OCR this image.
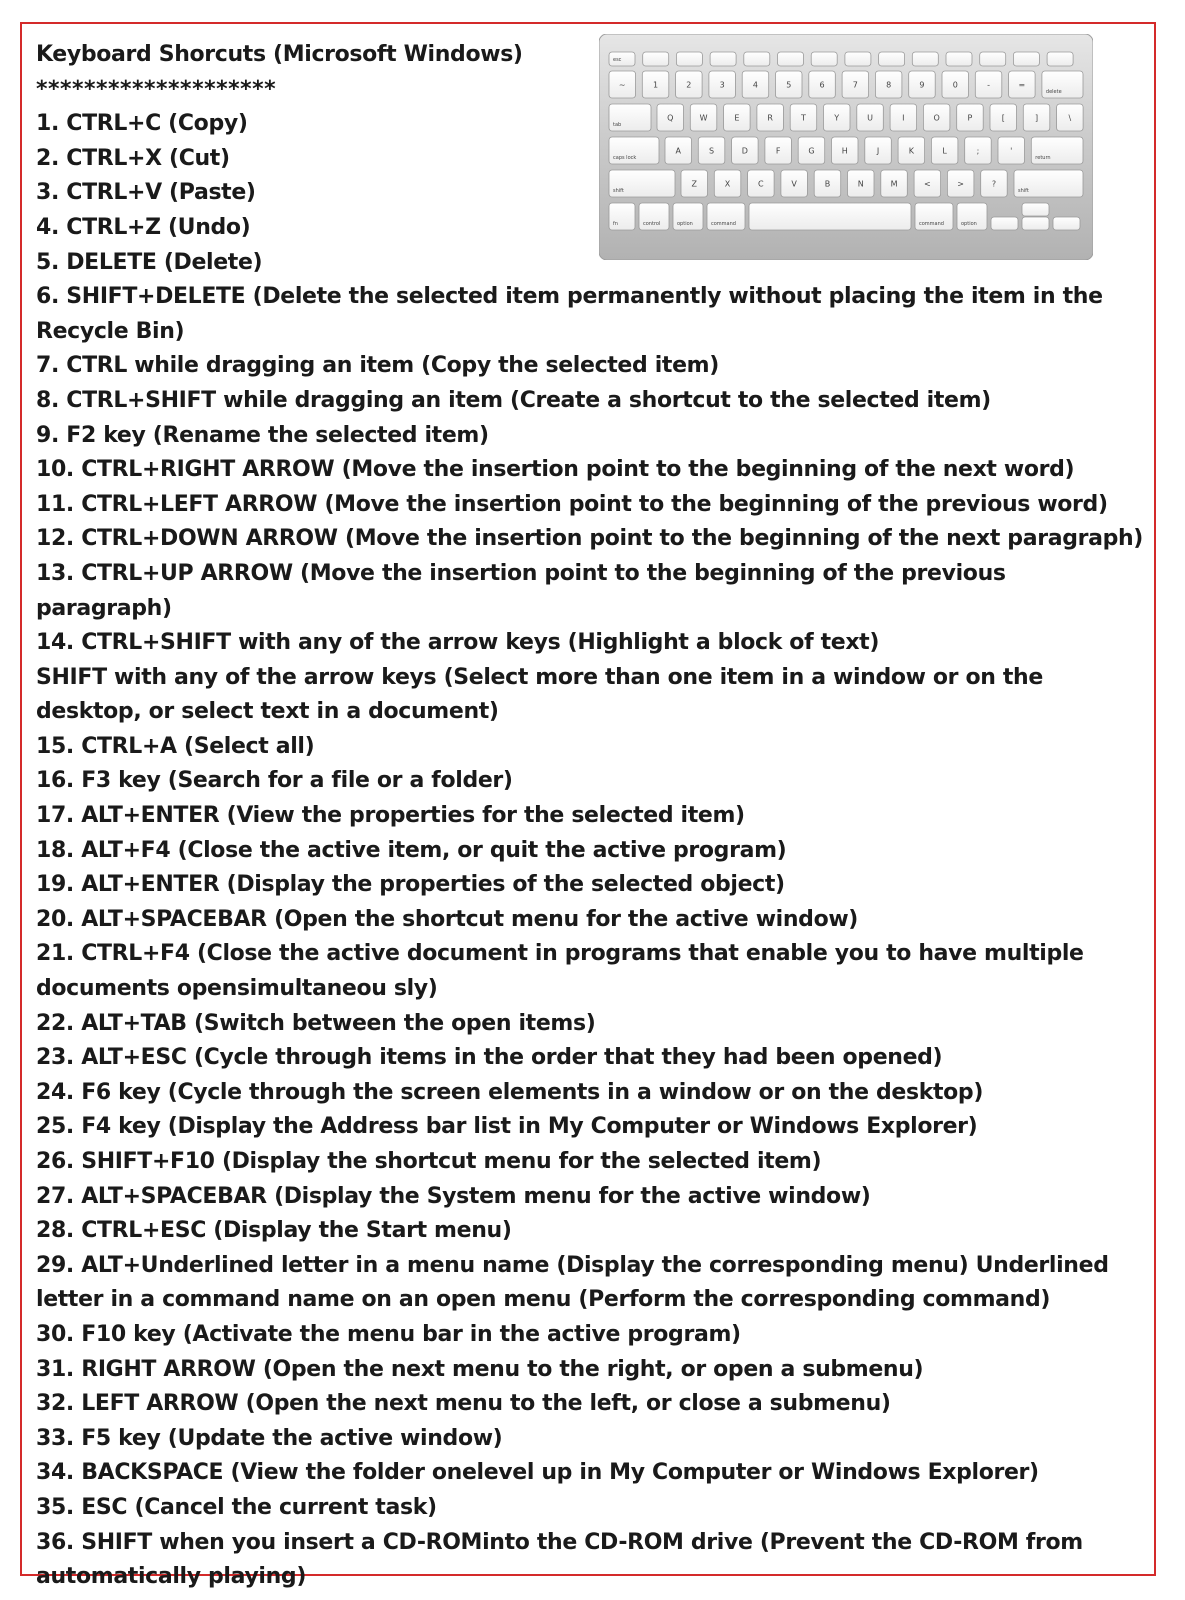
Keyboard Shorcuts (Microsoft Windows)

********************

1. CTRL+C (Copy)

2. CTRL+X (Cut)

3. CTRL+V (Paste)

4. CTRL+Z (Undo)

5. DELETE (Delete)

6. SHIFT+DELETE (Delete the selected item permanently without placing the item in the Recycle Bin)

7. CTRL while dragging an item (Copy the selected item)

8. CTRL+SHIFT while dragging an item (Create a shortcut to the selected item)

9. F2 key (Rename the selected item)

10. CTRL+RIGHT ARROW (Move the insertion point to the beginning of the next word)

11. CTRL+LEFT ARROW (Move the insertion point to the beginning of the previous word)

12. CTRL+DOWN ARROW (Move the insertion point to the beginning of the next paragraph)

13. CTRL+UP ARROW (Move the insertion point to the beginning of the previous paragraph)

14. CTRL+SHIFT with any of the arrow keys (Highlight a block of text)

SHIFT with any of the arrow keys (Select more than one item in a window or on the desktop, or select text in a document)

15. CTRL+A (Select all)

16. F3 key (Search for a file or a folder)

17. ALT+ENTER (View the properties for the selected item)

18. ALT+F4 (Close the active item, or quit the active program)

19. ALT+ENTER (Display the properties of the selected object)

20. ALT+SPACEBAR (Open the shortcut menu for the active window)

21. CTRL+F4 (Close the active document in programs that enable you to have multiple documents opensimultaneou sly)

22. ALT+TAB (Switch between the open items)

23. ALT+ESC (Cycle through items in the order that they had been opened)

24. F6 key (Cycle through the screen elements in a window or on the desktop)

25. F4 key (Display the Address bar list in My Computer or Windows Explorer)

26. SHIFT+F10 (Display the shortcut menu for the selected item)

27. ALT+SPACEBAR (Display the System menu for the active window)

28. CTRL+ESC (Display the Start menu)

29. ALT+Underlined letter in a menu name (Display the corresponding menu) Underlined letter in a command name on an open menu (Perform the corresponding command)

30. F10 key (Activate the menu bar in the active program)

31. RIGHT ARROW (Open the next menu to the right, or open a submenu)

32. LEFT ARROW (Open the next menu to the left, or close a submenu)

33. F5 key (Update the active window)

34. BACKSPACE (View the folder onelevel up in My Computer or Windows Explorer)

35. ESC (Cancel the current task)

36. SHIFT when you insert a CD-ROMinto the CD-ROM drive (Prevent the CD-ROM from automatically playing)

esc
~	1	2	3	4	5	6	7	8	9	0	-	=
delete
tab
Q	W	E	R	T	Y	U	I	O	P	[	]	\
caps lock
A	S	D	F	G	H	J	K	L	;	'
return
shift
Z	X	C	V	B	N	M	<	>	?
shift
fn	control	option	command	command	option
